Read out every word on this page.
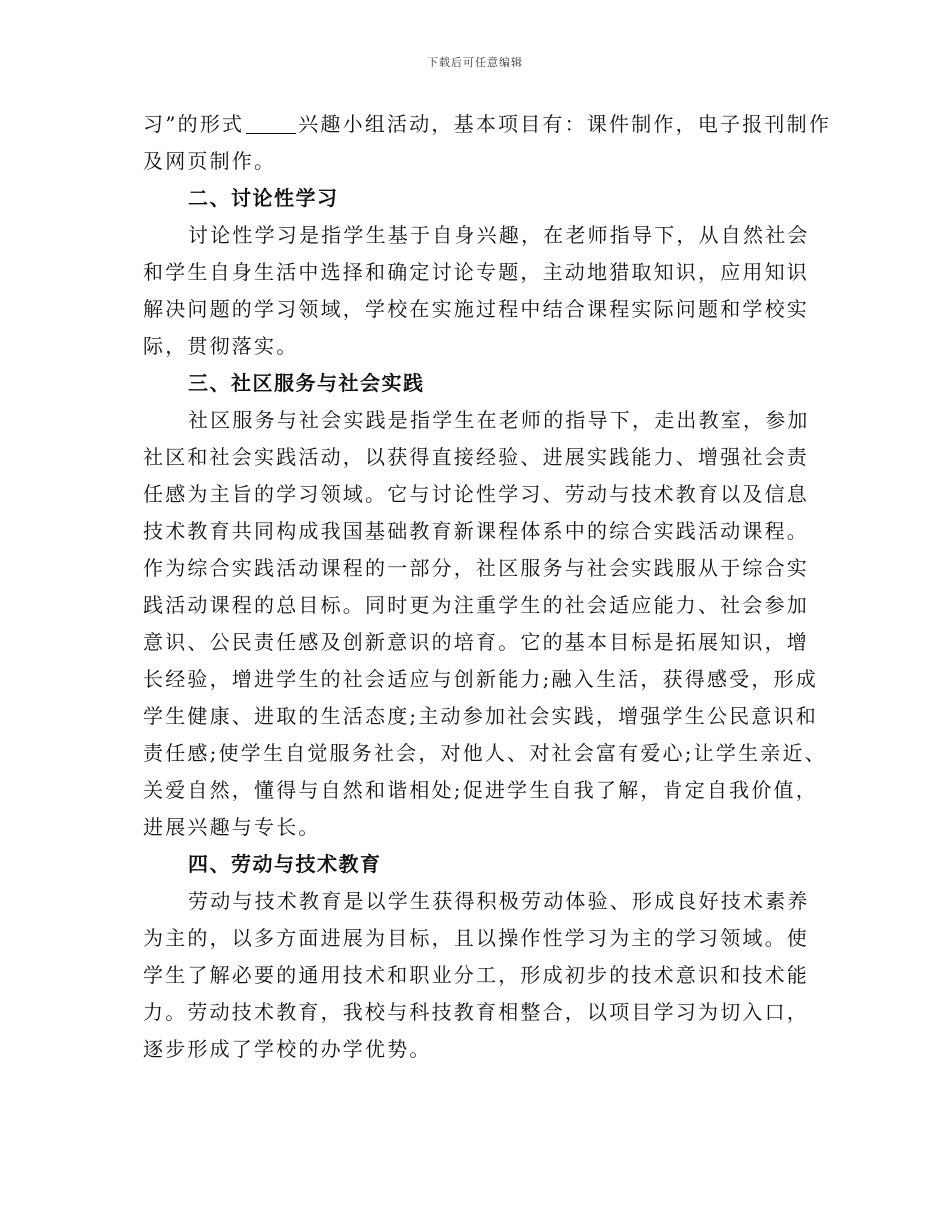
下载后可任意编辑
习”的形式	兴趣小组活动，基本项目有：课件制作，电子报刊制作
及网页制作。
二、讨论性学习
讨论性学习是指学生基于自身兴趣，在老师指导下，从自然社会
和学生自身生活中选择和确定讨论专题，主动地猎取知识，应用知识
解决问题的学习领域，学校在实施过程中结合课程实际问题和学校实
际，贯彻落实。
三、社区服务与社会实践
社区服务与社会实践是指学生在老师的指导下，走出教室，参加
社区和社会实践活动，以获得直接经验、进展实践能力、增强社会责
任感为主旨的学习领域。它与讨论性学习、劳动与技术教育以及信息
技术教育共同构成我国基础教育新课程体系中的综合实践活动课程。
作为综合实践活动课程的一部分，社区服务与社会实践服从于综合实
践活动课程的总目标。同时更为注重学生的社会适应能力、社会参加
意识、公民责任感及创新意识的培育。它的基本目标是拓展知识，增
长经验，增进学生的社会适应与创新能力;融入生活，获得感受，形成
学生健康、进取的生活态度;主动参加社会实践，增强学生公民意识和
责任感;使学生自觉服务社会，对他人、对社会富有爱心;让学生亲近、
关爱自然，懂得与自然和谐相处;促进学生自我了解，肯定自我价值，
进展兴趣与专长。
四、劳动与技术教育
劳动与技术教育是以学生获得积极劳动体验、形成良好技术素养
为主的，以多方面进展为目标，且以操作性学习为主的学习领域。使
学生了解必要的通用技术和职业分工，形成初步的技术意识和技术能
力。劳动技术教育，我校与科技教育相整合，以项目学习为切入口，
逐步形成了学校的办学优势。
